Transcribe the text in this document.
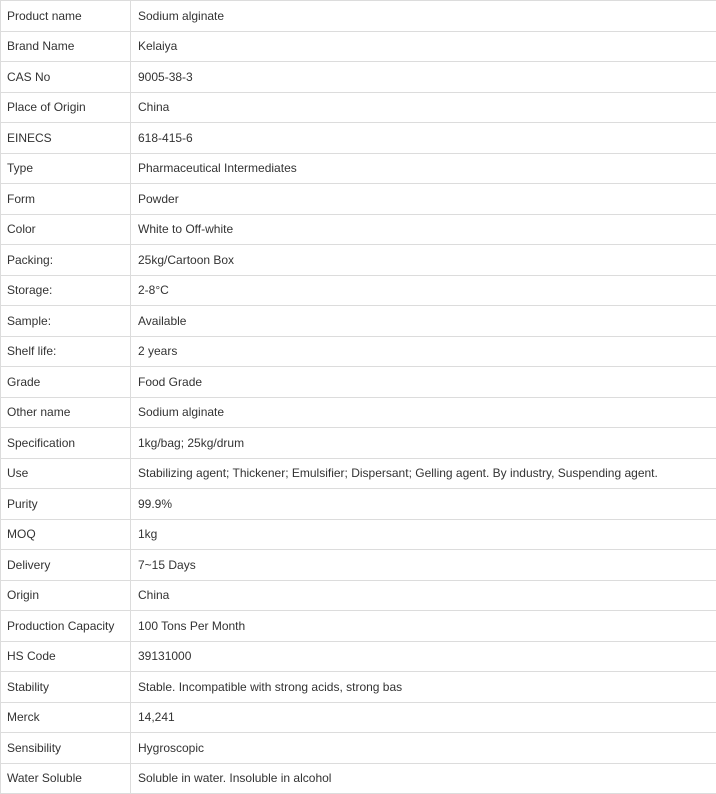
Product name	Sodium alginate
Brand Name	Kelaiya
CAS No	9005-38-3
Place of Origin	China
EINECS	618-415-6
Type	Pharmaceutical Intermediates
Form	Powder
Color	White to Off-white
Packing:	25kg/Cartoon Box
Storage:	2-8°C
Sample:	Available
Shelf life:	2 years
Grade	Food Grade
Other name	Sodium alginate
Specification	1kg/bag; 25kg/drum
Use	Stabilizing agent; Thickener; Emulsifier; Dispersant; Gelling agent. By industry, Suspending agent.
Purity	99.9%
MOQ	1kg
Delivery	7~15 Days
Origin	China
Production Capacity	100 Tons Per Month
HS Code	39131000
Stability	Stable. Incompatible with strong acids, strong bas
Merck	14,241
Sensibility	Hygroscopic
Water Soluble	Soluble in water. Insoluble in alcohol
